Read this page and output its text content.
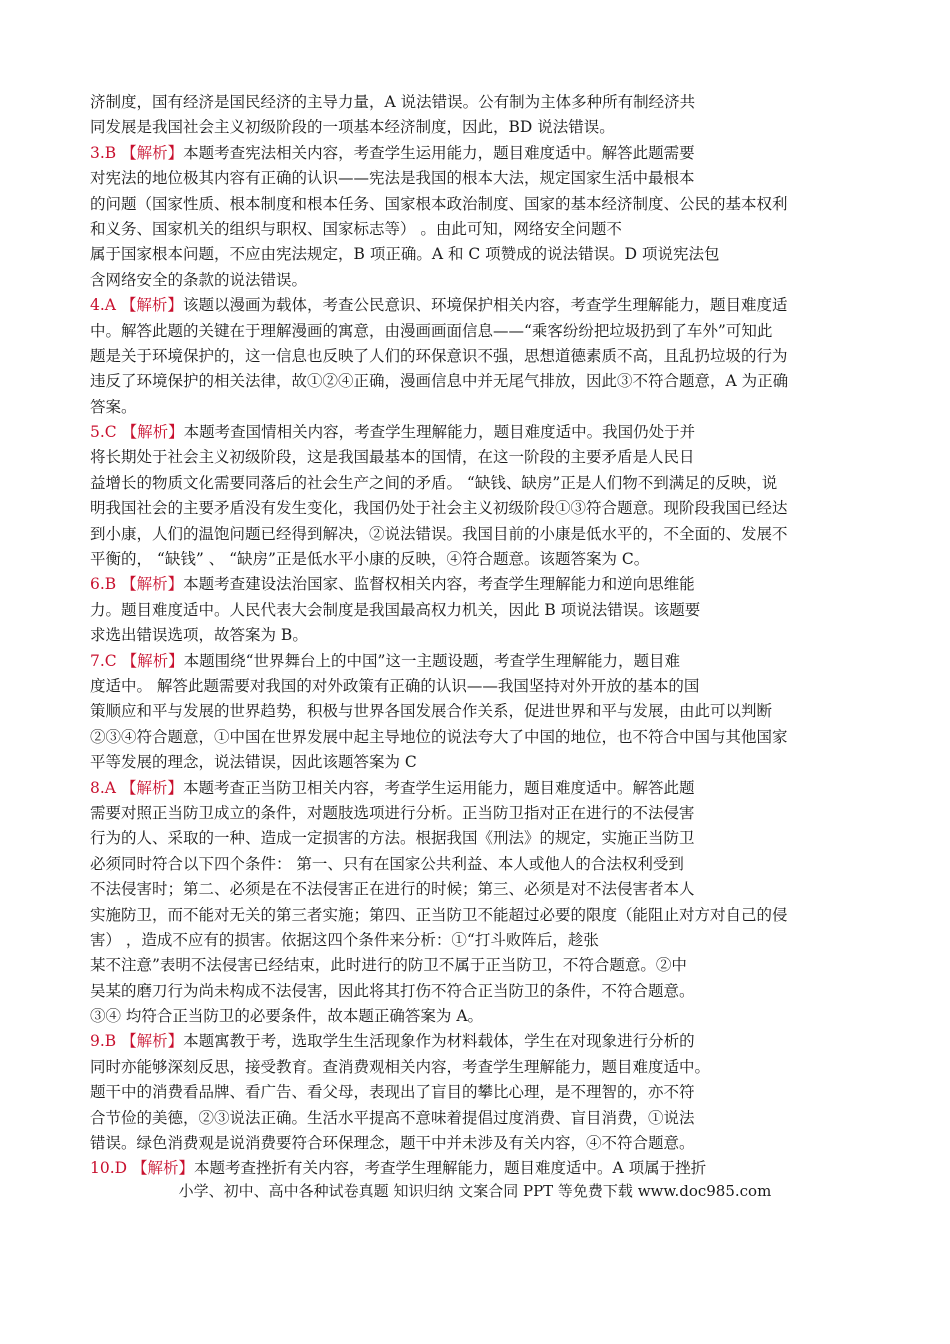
济制度，国有经济是国民经济的主导力量，A 说法错误。公有制为主体多种所有制经济共
同发展是我国社会主义初级阶段的一项基本经济制度，因此，BD 说法错误。
3.B 【解析】本题考查宪法相关内容，考查学生运用能力，题目难度适中。解答此题需要
对宪法的地位极其内容有正确的认识——宪法是我国的根本大法，规定国家生活中最根本
的问题（国家性质、根本制度和根本任务、国家根本政治制度、国家的基本经济制度、公民的基本权利
和义务、国家机关的组织与职权、国家标志等） 。由此可知，网络安全问题不
属于国家根本问题，不应由宪法规定，B 项正确。A 和 C 项赞成的说法错误。D 项说宪法包
含网络安全的条款的说法错误。
4.A 【解析】该题以漫画为载体，考查公民意识、环境保护相关内容，考查学生理解能力，题目难度适
中。解答此题的关键在于理解漫画的寓意，由漫画画面信息——“乘客纷纷把垃圾扔到了车外”可知此
题是关于环境保护的，这一信息也反映了人们的环保意识不强，思想道德素质不高，且乱扔垃圾的行为
违反了环境保护的相关法律，故①②④正确，漫画信息中并无尾气排放，因此③不符合题意，A 为正确
答案。
5.C 【解析】本题考查国情相关内容，考查学生理解能力，题目难度适中。我国仍处于并
将长期处于社会主义初级阶段，这是我国最基本的国情，在这一阶段的主要矛盾是人民日
益增长的物质文化需要同落后的社会生产之间的矛盾。 “缺钱、缺房”正是人们物不到满足的反映，说
明我国社会的主要矛盾没有发生变化，我国仍处于社会主义初级阶段①③符合题意。现阶段我国已经达
到小康，人们的温饱问题已经得到解决，②说法错误。我国目前的小康是低水平的，不全面的、发展不
平衡的， “缺钱” 、 “缺房”正是低水平小康的反映，④符合题意。该题答案为 C。
6.B 【解析】本题考查建设法治国家、监督权相关内容，考查学生理解能力和逆向思维能
力。题目难度适中。人民代表大会制度是我国最高权力机关，因此 B 项说法错误。该题要
求选出错误选项，故答案为 B。
7.C 【解析】本题围绕“世界舞台上的中国”这一主题设题，考查学生理解能力，题目难
度适中。 解答此题需要对我国的对外政策有正确的认识——我国坚持对外开放的基本的国
策顺应和平与发展的世界趋势，积极与世界各国发展合作关系，促进世界和平与发展，由此可以判断
②③④符合题意，①中国在世界发展中起主导地位的说法夸大了中国的地位，也不符合中国与其他国家
平等发展的理念，说法错误，因此该题答案为 C
8.A 【解析】本题考查正当防卫相关内容，考查学生运用能力，题目难度适中。解答此题
需要对照正当防卫成立的条件，对题肢选项进行分析。正当防卫指对正在进行的不法侵害
行为的人、采取的一种、造成一定损害的方法。根据我国《刑法》的规定，实施正当防卫
必须同时符合以下四个条件： 第一、只有在国家公共利益、本人或他人的合法权利受到
不法侵害时；第二、必须是在不法侵害正在进行的时候；第三、必须是对不法侵害者本人
实施防卫，而不能对无关的第三者实施；第四、正当防卫不能超过必要的限度（能阻止对方对自己的侵
害） ，造成不应有的损害。依据这四个条件来分析：①“打斗败阵后，趁张
某不注意”表明不法侵害已经结束，此时进行的防卫不属于正当防卫，不符合题意。②中
吴某的磨刀行为尚未构成不法侵害，因此将其打伤不符合正当防卫的条件，不符合题意。
③④ 均符合正当防卫的必要条件，故本题正确答案为 A。
9.B 【解析】本题寓教于考，选取学生生活现象作为材料载体，学生在对现象进行分析的
同时亦能够深刻反思，接受教育。查消费观相关内容，考查学生理解能力，题目难度适中。
题干中的消费看品牌、看广告、看父母，表现出了盲目的攀比心理，是不理智的，亦不符
合节俭的美德，②③说法正确。生活水平提高不意味着提倡过度消费、盲目消费，①说法
错误。绿色消费观是说消费要符合环保理念，题干中并未涉及有关内容，④不符合题意。
10.D 【解析】本题考查挫折有关内容，考查学生理解能力，题目难度适中。A 项属于挫折
小学、初中、高中各种试卷真题 知识归纳 文案合同 PPT 等免费下载 www.doc985.com
